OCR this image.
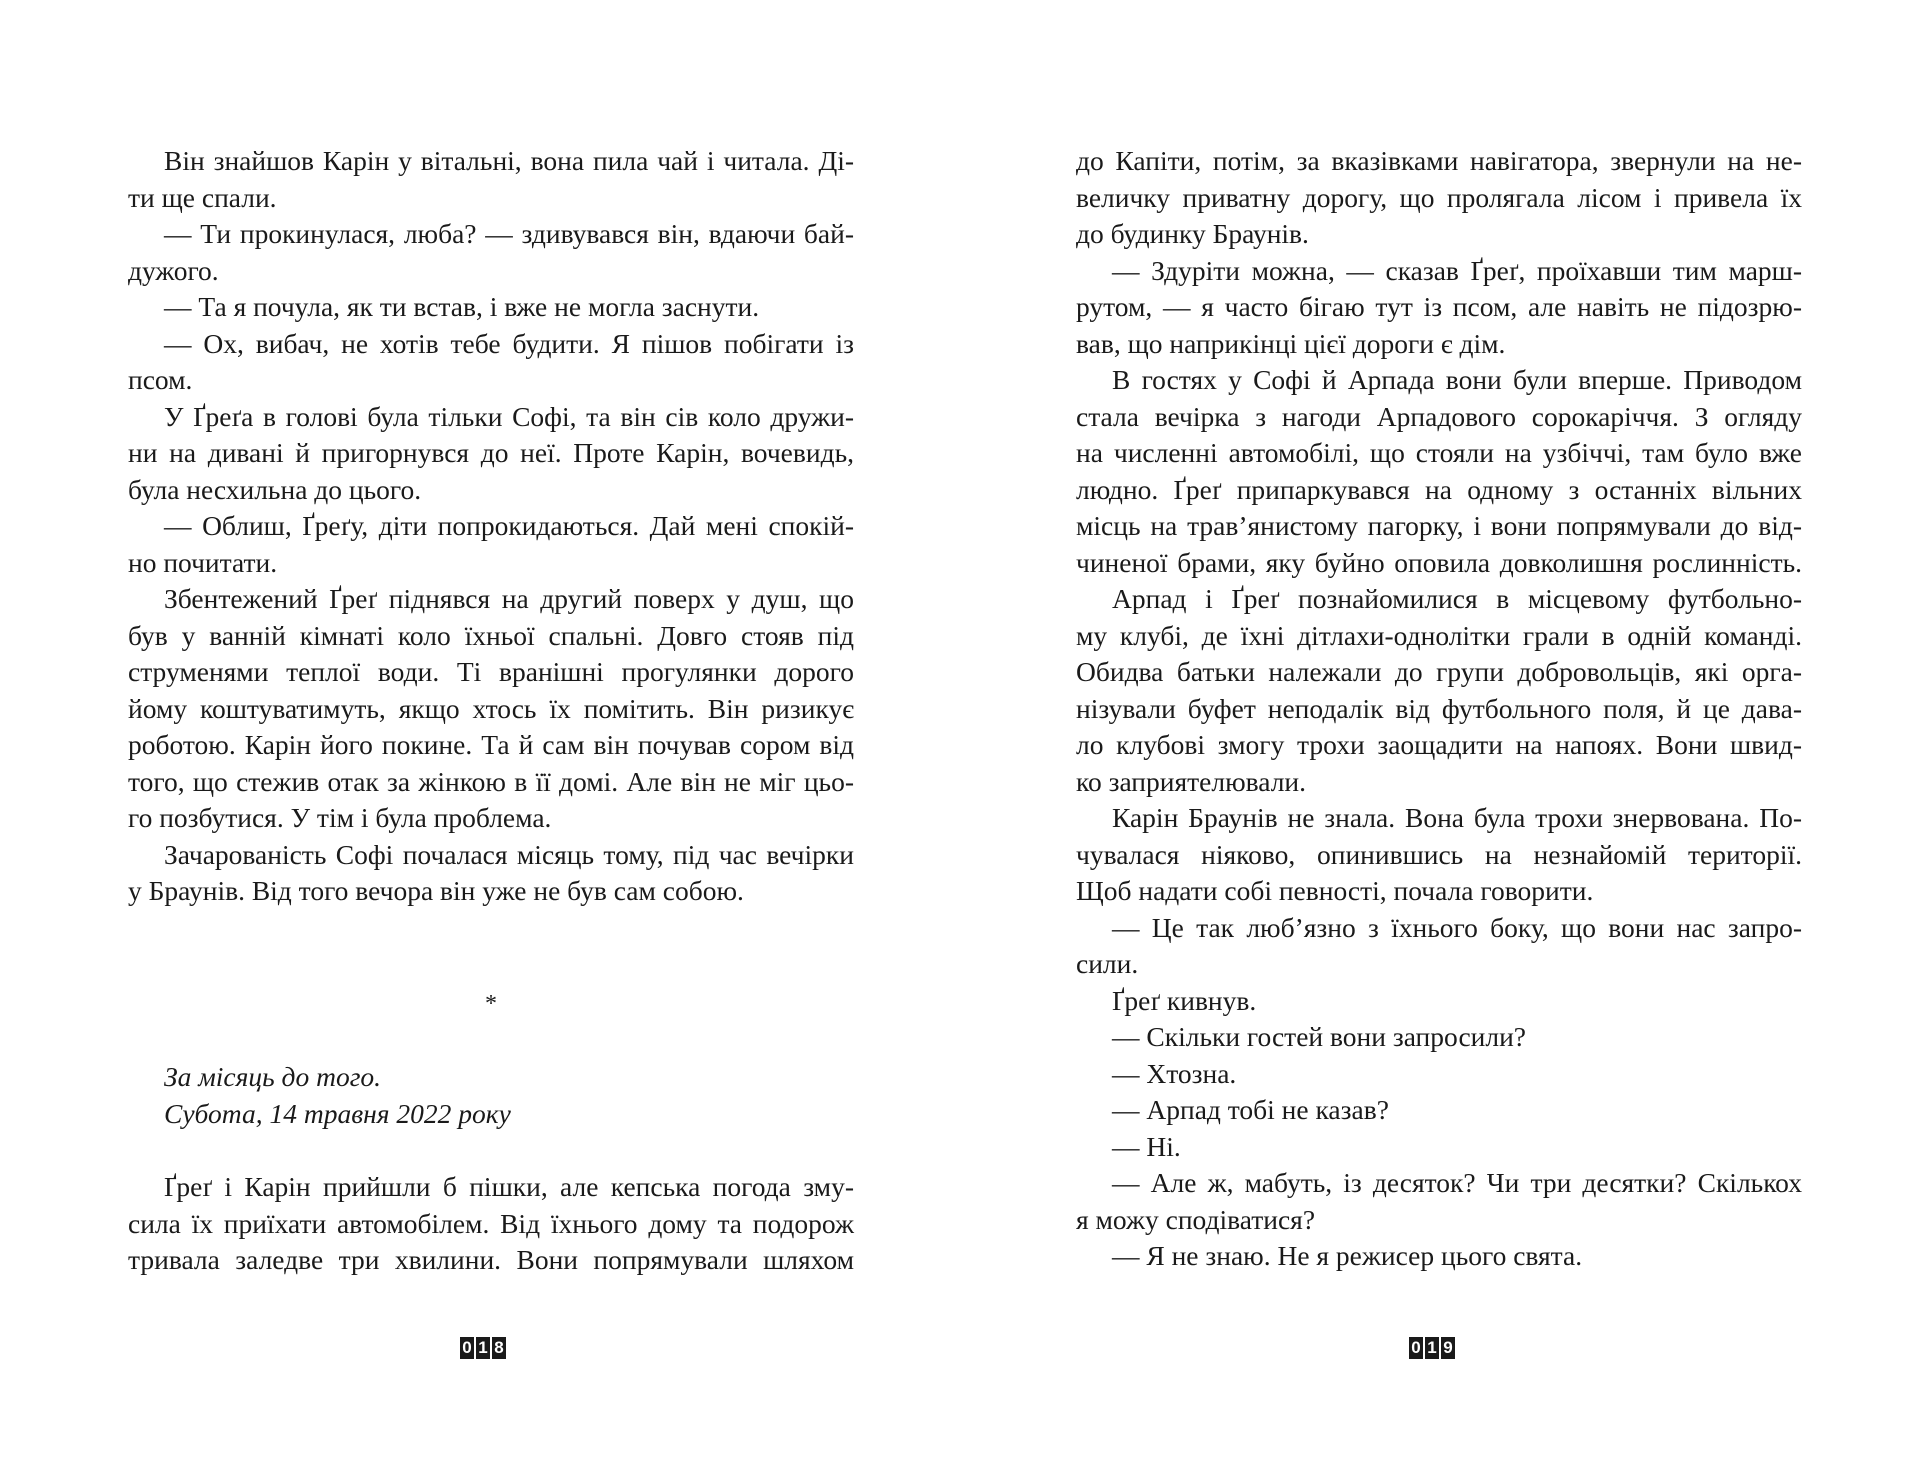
Він знайшов Карін у вітальні, вона пила чай і читала. Ді-
ти ще спали.
— Ти прокинулася, люба? — здивувався він, вдаючи бай-
дужого.
— Та я почула, як ти встав, і вже не могла заснути.
— Ох, вибач, не хотів тебе будити. Я пішов побігати із
псом.
У Ґреґа в голові була тільки Софі, та він сів коло дружи-
ни на дивані й пригорнувся до неї. Проте Карін, вочевидь,
була несхильна до цього.
— Облиш, Ґреґу, діти попрокидаються. Дай мені спокій-
но почитати.
Збентежений Ґреґ піднявся на другий поверх у душ, що
був у ванній кімнаті коло їхньої спальні. Довго стояв під
струменями теплої води. Ті вранішні прогулянки дорого
йому коштуватимуть, якщо хтось їх помітить. Він ризикує
роботою. Карін його покине. Та й сам він почував сором від
того, що стежив отак за жінкою в її домі. Але він не міг цьо-
го позбутися. У тім і була проблема.
Зачарованість Софі почалася місяць тому, під час вечірки
у Браунів. Від того вечора він уже не був сам собою.
*
За місяць до того.
Субота, 14 травня 2022 року
Ґреґ і Карін прийшли б пішки, але кепська погода змy-
сила їх приїхати автомобілем. Від їхнього дому та подорож
тривала заледве три хвилини. Вони попрямували шляхом
0 1 8
до Капіти, потім, за вказівками навігатора, звернули на не-
величку приватну дорогу, що пролягала лісом і привела їх
до будинку Браунів.
— Здуріти можна, — сказав Ґреґ, проїхавши тим марш-
рутом, — я часто бігаю тут із псом, але навіть не підозрю-
вав, що наприкінці цієї дороги є дім.
В гостях у Софі й Арпада вони були вперше. Приводом
стала вечірка з нагоди Арпадового сорокаріччя. З огляду
на численні автомобілі, що стояли на узбіччі, там було вже
людно. Ґреґ припаркувався на одному з останніх вільних
місць на трав’янистому пагорку, і вони попрямували до від-
чиненої брами, яку буйно оповила довколишня рослинність.
Арпад і Ґреґ познайомилися в місцевому футбольно-
му клубі, де їхні дітлахи-однолітки грали в одній команді.
Обидва батьки належали до групи добровольців, які орга-
нізували буфет неподалік від футбольного поля, й це дава-
ло клубові змогу трохи заощадити на напоях. Вони швид-
ко заприятелювали.
Карін Браунів не знала. Вона була трохи знервована. По-
чувалася ніяково, опинившись на незнайомій території.
Щоб надати собі певності, почала говорити.
— Це так люб’язно з їхнього боку, що вони нас запро-
сили.
Ґреґ кивнув.
— Скільки гостей вони запросили?
— Хтозна.
— Арпад тобі не казав?
— Ні.
— Але ж, мабуть, із десяток? Чи три десятки? Скількох
я можу сподіватися?
— Я не знаю. Не я режисер цього свята.
0 1 9
